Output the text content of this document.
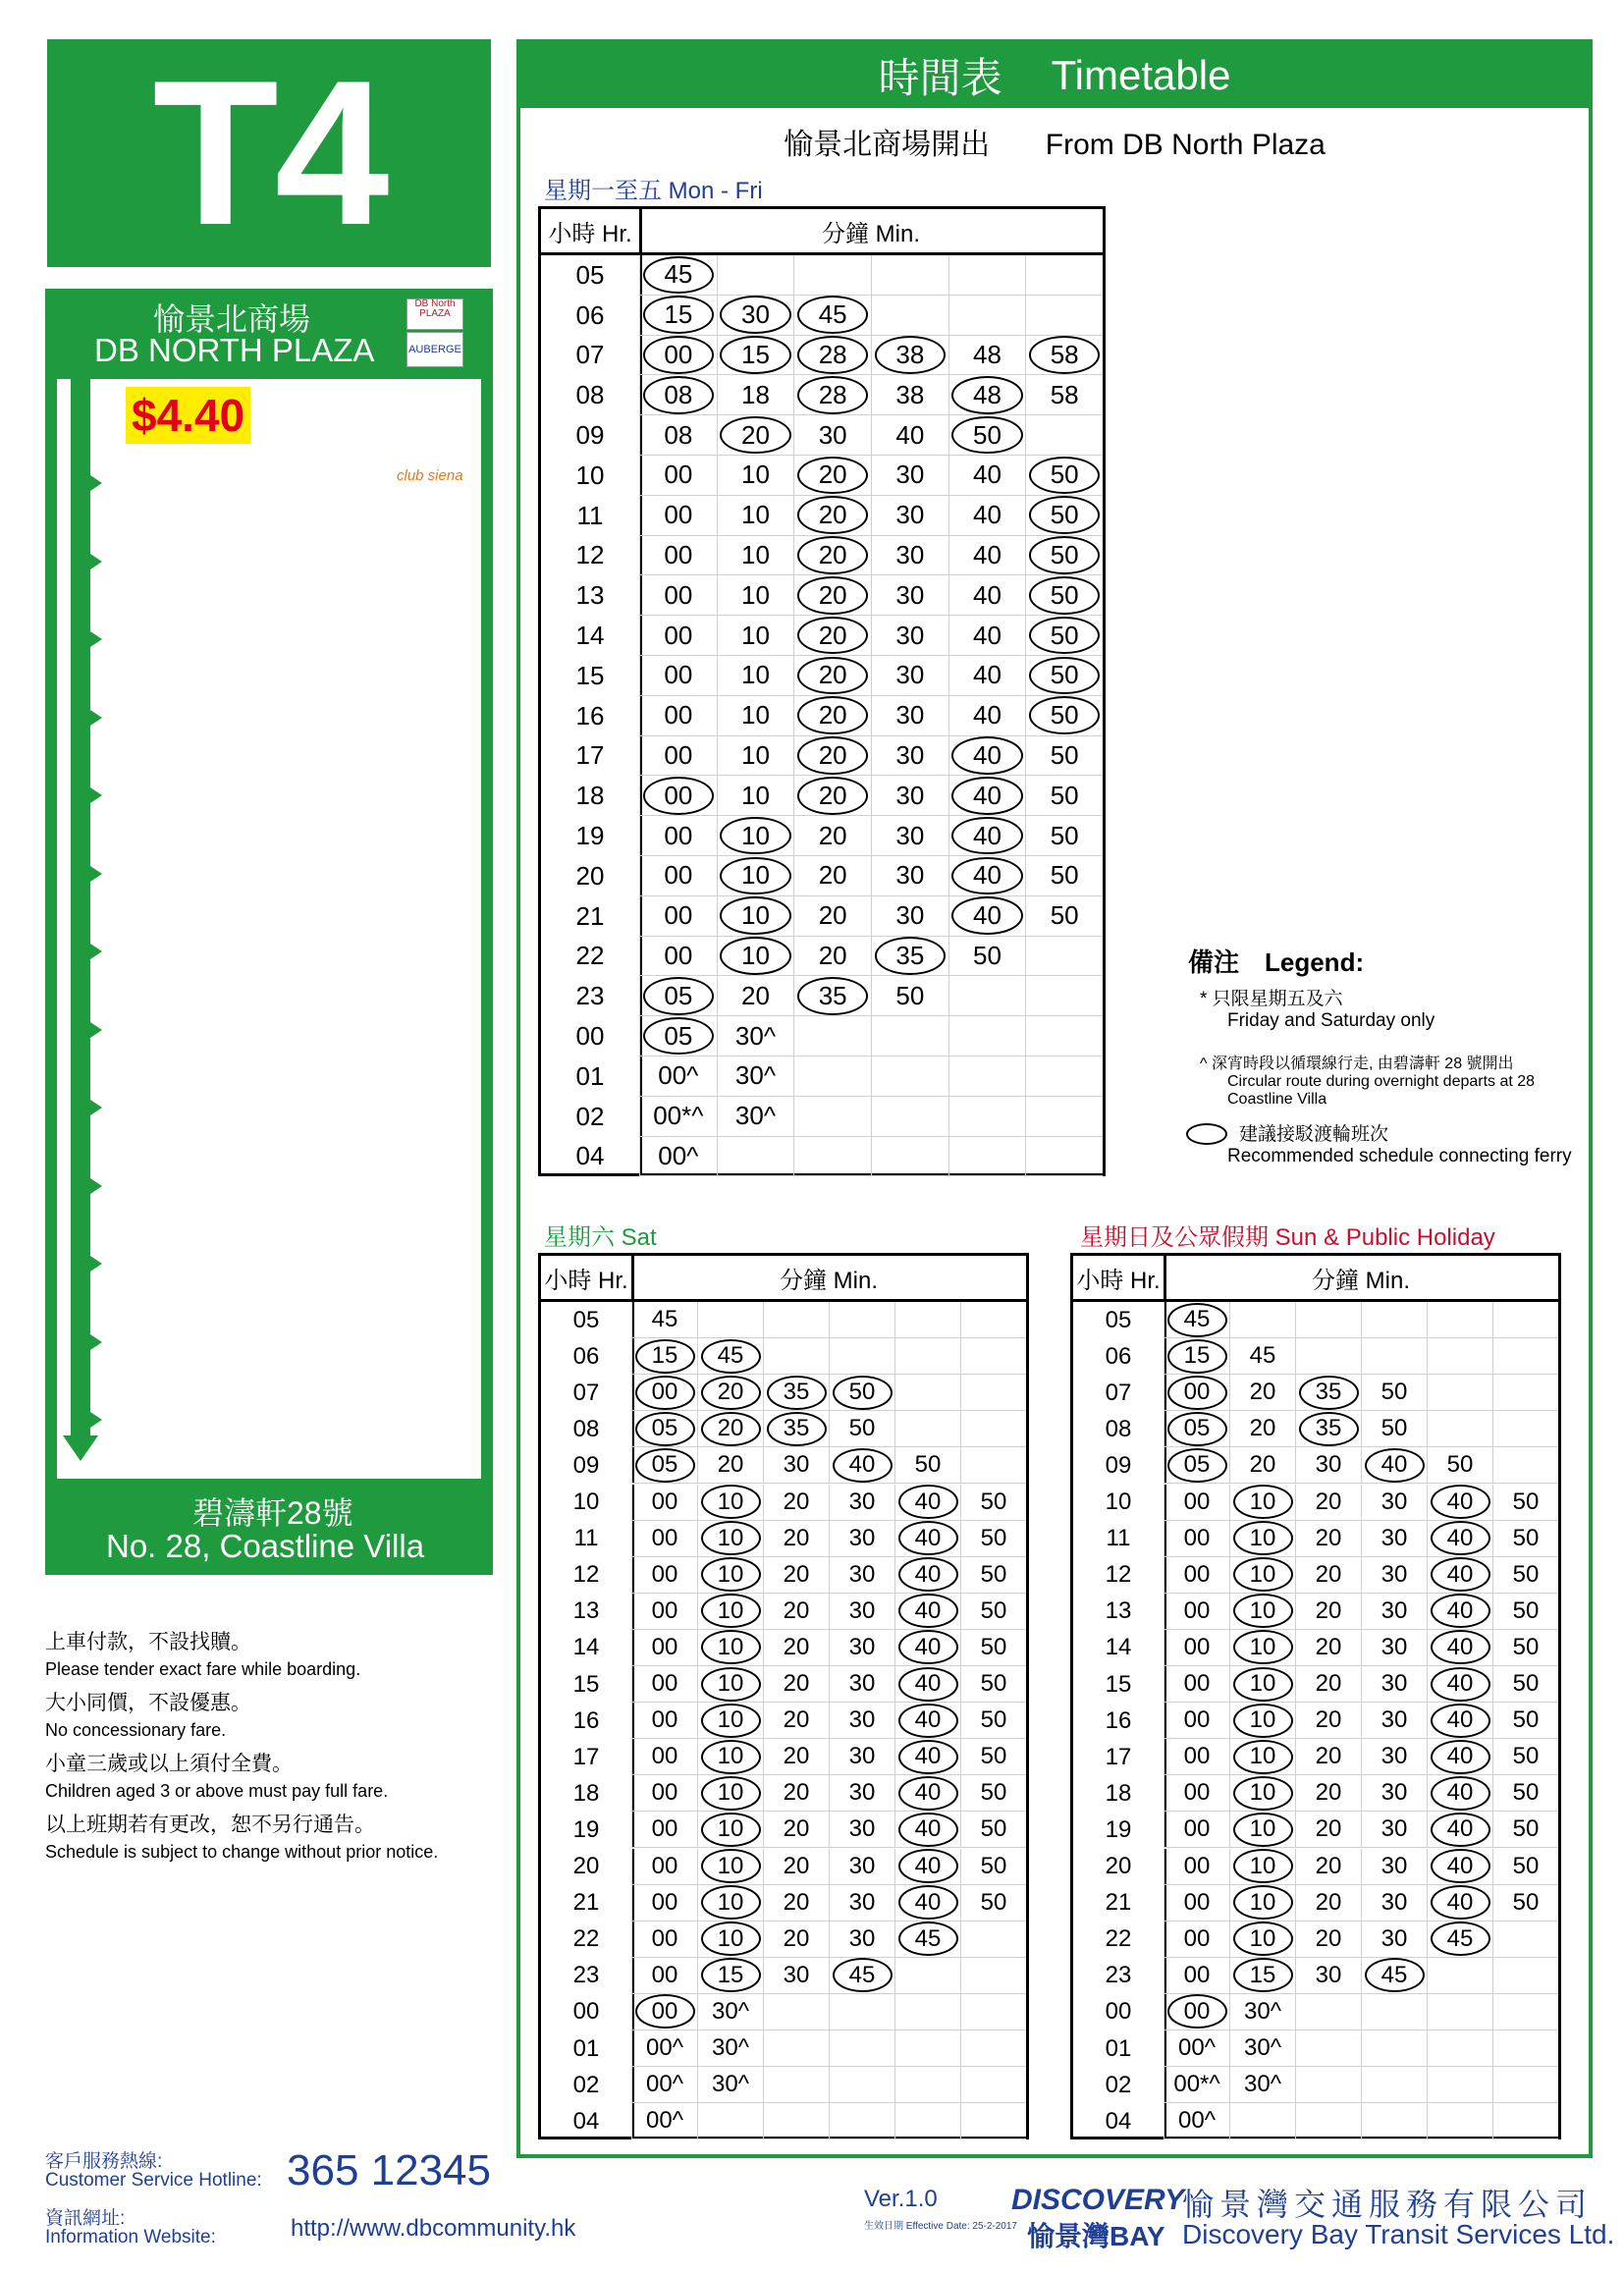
T4
愉景北商場
DB NORTH PLAZA
DB North PLAZA
AUBERGE
$4.40
海澄湖畔一段第58座
Block 58, Siena One
club siena
海澄湖畔一段第22座
Block 22, Siena One
海澄湖畔一段第2座
Block 2, Siena One
明翠台
Parkridge Village
愉景灣國際學校
DB Int'l School
海燕徑41號
No. 41, Seabird Lane
海燕徑25號
No. 25, Seabird Lane
海燕徑15號
No. 15, Seabird Lane
愉景灣臨時巴士總站(對面)
DB Temp Bus Terminus (Opposite)
海堤居2號
No. 2, La Costa
海堤居22號
No. 22, La Costa
蘅暉徑(旭暉閣)
Capevale Drive (Jovial Court)
碧濤軒8號 (對面)
No. 8, Coastline Villa (Opposite)
碧濤軒28號
No. 28, Coastline Villa
上車付款，不設找贖。
Please tender exact fare while boarding.
大小同價，不設優惠。
No concessionary fare.
小童三歲或以上須付全費。
Children aged 3 or above must pay full fare.
以上班期若有更改，恕不另行通告。
Schedule is subject to change without prior notice.
時間表 Timetable
愉景北商場開出 From DB North Plaza
星期一至五 Mon - Fri
星期六 Sat	星期日及公眾假期 Sun & Public Holiday
小時 Hr.	分鐘 Min.
05	45
06	15	30	45
07	00	15	28	38	48	58
08	08	18	28	38	48	58
09	08	20	30 40	50
10	00 10	20	30 40	50
11	00 10	20	30 40	50
12	00 10	20	30 40	50
13	00 10	20	30 40	50
14	00 10	20	30 40	50
15	00 10	20	30 40	50
16	00 10	20	30 40	50
17	00 10	20	30	40	50
18	00	10	20	30	40	50
19	00	10	20 30	40	50
20	00	10	20 30	40	50
21	00	10	20 30	40	50
22	00	10	20	35	50
23	05	20	35	50
00	05	30^
01	00^ 30^
02	00*^ 30^
04	00^
小時 Hr.	分鐘 Min.
05	45
06	15	45
07	00	20	35	50
08	05	20	35	50
09	05	20 30	40	50
10	00	10	20 30	40	50
11	00	10	20 30	40	50
12	00	10	20 30	40	50
13	00	10	20 30	40	50
14	00	10	20 30	40	50
15	00	10	20 30	40	50
16	00	10	20 30	40	50
17	00	10	20 30	40	50
18	00	10	20 30	40	50
19	00	10	20 30	40	50
20	00	10	20 30	40	50
21	00	10	20 30	40	50
22	00	10	20 30	45
23	00	15	30	45
00	00	30^
01	00^ 30^
02	00^ 30^
04	00^
小時 Hr.	分鐘 Min.
05	45
06	15	45
07	00	20	35	50
08	05	20	35	50
09	05	20 30	40	50
10	00	10	20 30	40	50
11	00	10	20 30	40	50
12	00	10	20 30	40	50
13	00	10	20 30	40	50
14	00	10	20 30	40	50
15	00	10	20 30	40	50
16	00	10	20 30	40	50
17	00	10	20 30	40	50
18	00	10	20 30	40	50
19	00	10	20 30	40	50
20	00	10	20 30	40	50
21	00	10	20 30	40	50
22	00	10	20 30	45
23	00	15	30	45
00	00	30^
01	00^ 30^
02	00*^ 30^
04	00^
備注　Legend:
* 只限星期五及六
Friday and Saturday only
^ 深宵時段以循環線行走, 由碧濤軒 28 號開出
Circular route during overnight departs at 28 Coastline Villa
建議接駁渡輪班次
Recommended schedule connecting ferry
客戶服務熱線:
Customer Service Hotline: 365 12345
資訊網址:
Information Website:	http://www.dbcommunity.hk
Ver.1.0
生效日期 Effective Date: 25-2-2017
DISCOVERY
愉景灣BAY
愉景灣交通服務有限公司
Discovery Bay Transit Services Ltd.
